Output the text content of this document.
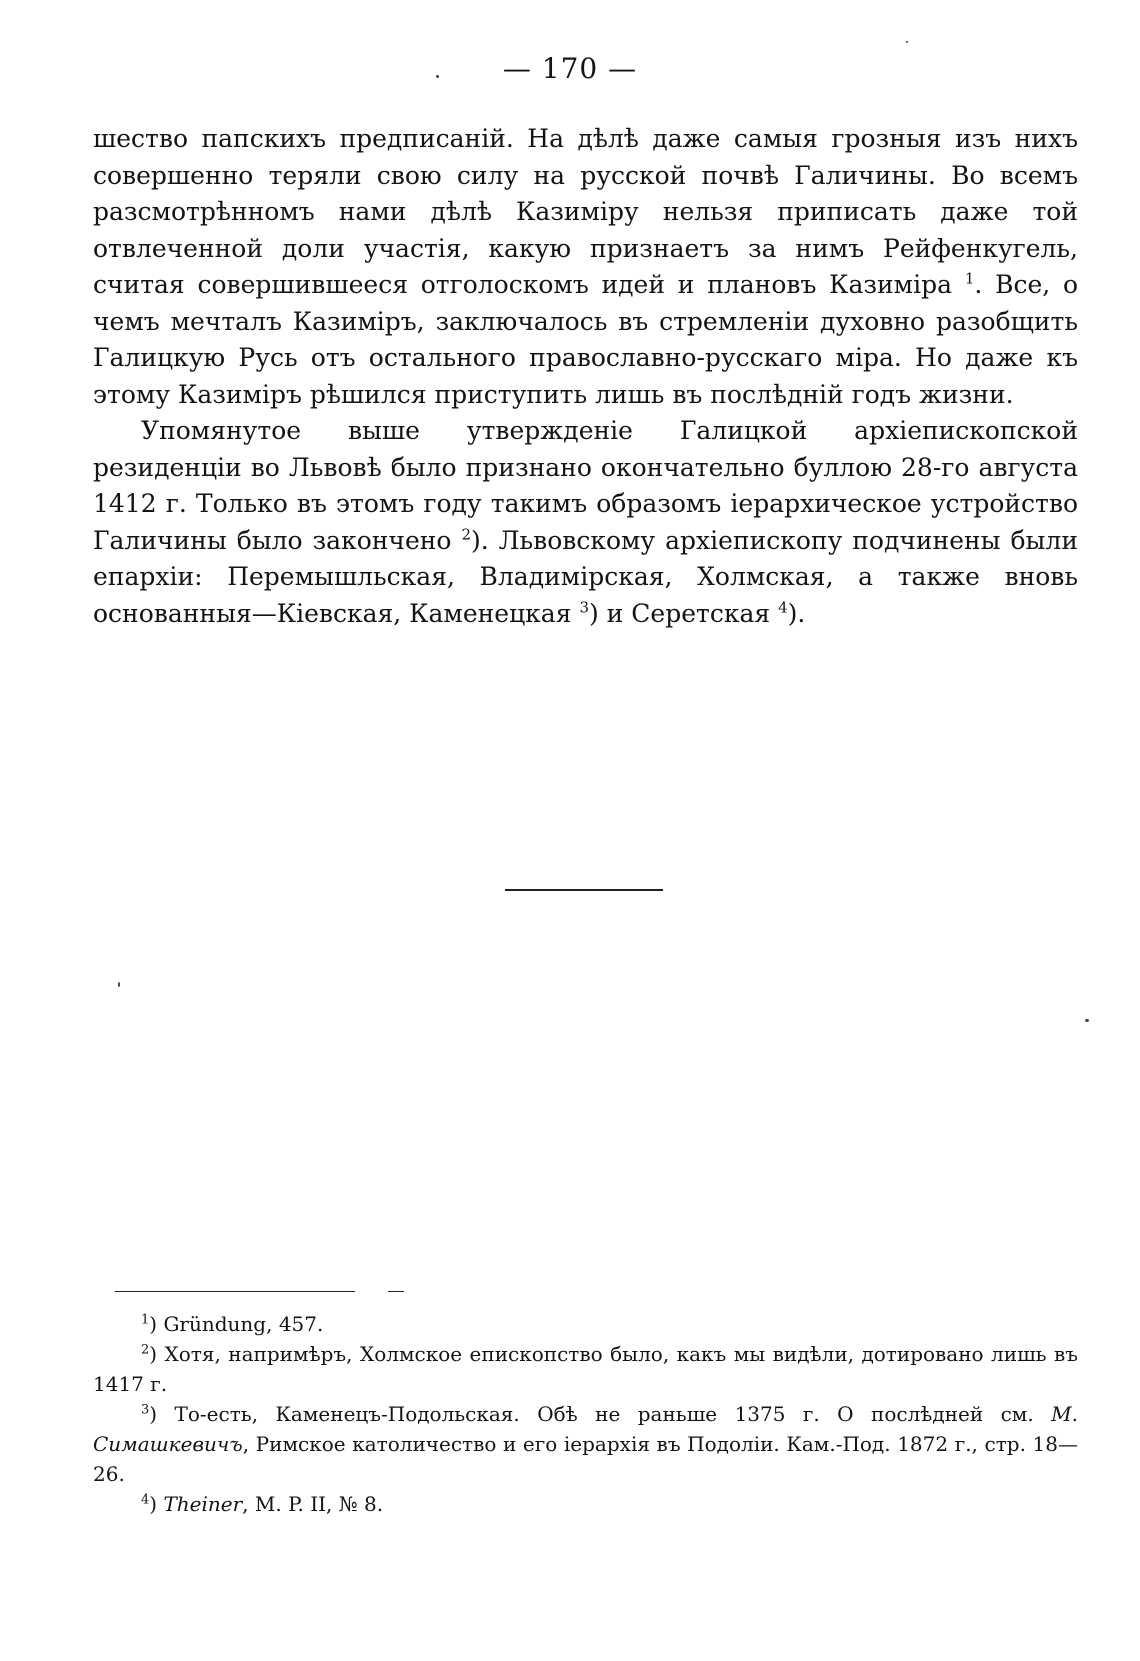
— 170 —

шество папскихъ предписаній. На дѣлѣ даже самыя грозныя изъ нихъ совершенно теряли свою силу на русской почвѣ Галичины. Во всемъ разсмотрѣнномъ нами дѣлѣ Казиміру нельзя приписать даже той отвлеченной доли участія, какую признаетъ за нимъ Рейфенкугель, считая совершившееся отголоскомъ идей и плановъ Казиміра $^1$. Все, о чемъ мечталъ Казиміръ, заключалось въ стремленіи духовно разобщить Галицкую Русь отъ остального православно-русскаго міра. Но даже къ этому Казиміръ рѣшился приступить лишь въ послѣдній годъ жизни.

Упомянутое выше утвержденіе Галицкой архіепископской резиденціи во Львовѣ было признано окончательно буллою 28-го августа 1412 г. Только въ этомъ году такимъ образомъ іерархическое устройство Галичины было закончено $^2$). Львовскому архіепископу подчинены были епархіи: Перемышльская, Владимірская, Холмская, а также вновь основанныя—Кіевская, Каменецкая $^3$) и Серетская $^4$).

$^1$) Gründung, 457.

$^2$) Хотя, напримѣръ, Холмское епископство было, какъ мы видѣли, дотировано лишь въ 1417 г.

$^3$) То-есть, Каменецъ-Подольская. Обѣ не раньше 1375 г. О послѣдней см. М. Симашкевичъ, Римское католичество и его іерархія въ Подоліи. Кам.-Под. 1872 г., стр. 18—26.

$^4$) Theiner, M. P. II, № 8.
